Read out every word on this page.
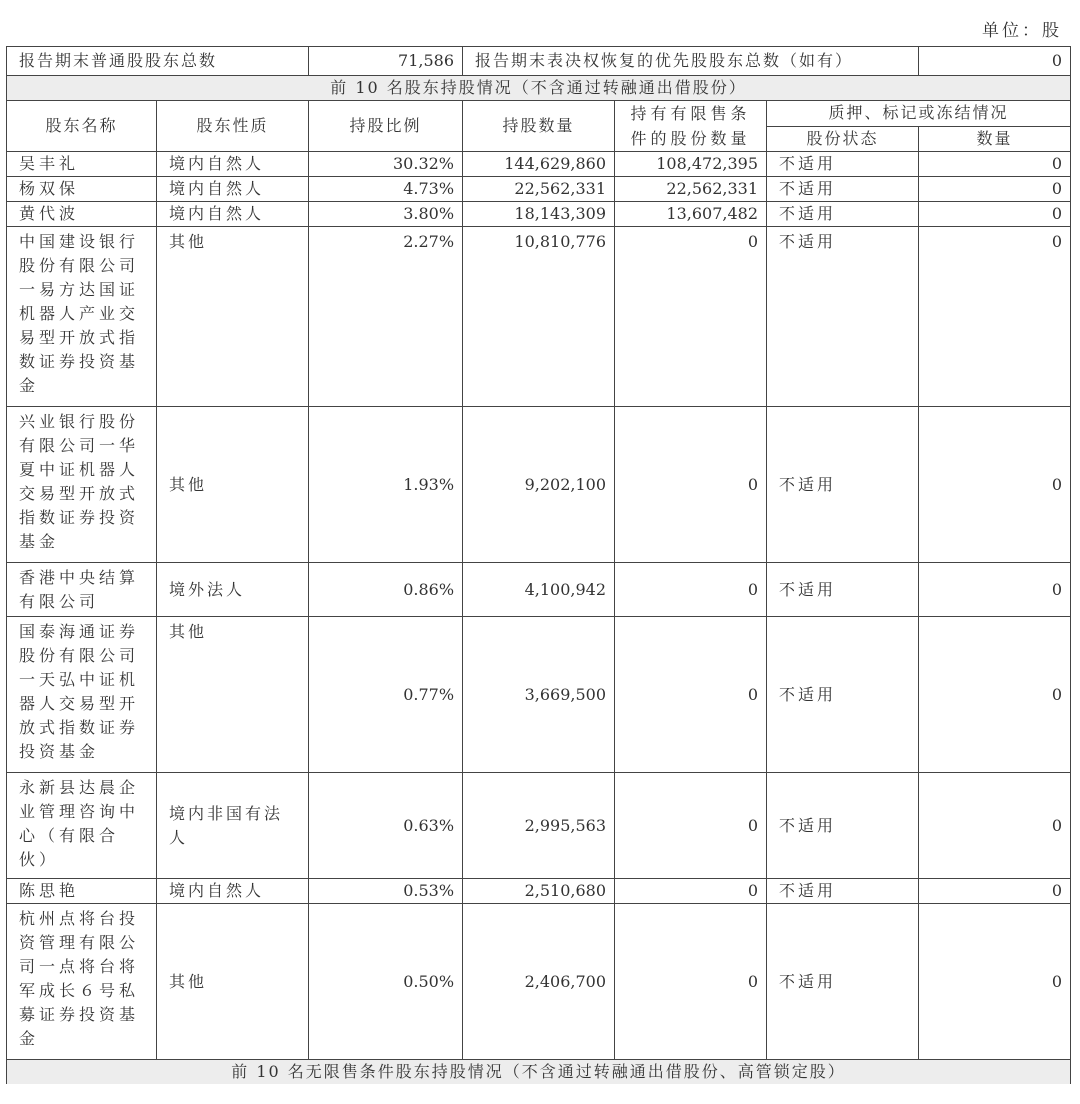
单位：股
报告期末普通股股东总数		71,586	报告期末表决权恢复的优先股股东总数（如有）			0
前 10 名股东持股情况（不含通过转融通出借股份）						
股东名称	股东性质	持股比例	持股数量	持有有限售条件的股份数量	质押、标记或冻结情况	
					股份状态	数量
吴丰礼	境内自然人	30.32%	144,629,860	108,472,395	不适用	0
杨双保	境内自然人	4.73%	22,562,331	22,562,331	不适用	0
黄代波	境内自然人	3.80%	18,143,309	13,607,482	不适用	0
中国建设银行股份有限公司一易方达国证机器人产业交易型开放式指数证券投资基金	其他	2.27%	10,810,776	0	不适用	0
兴业银行股份有限公司一华夏中证机器人交易型开放式指数证券投资基金	其他	1.93%	9,202,100	0	不适用	0
香港中央结算有限公司	境外法人	0.86%	4,100,942	0	不适用	0
国泰海通证券股份有限公司一天弘中证机器人交易型开放式指数证券投资基金	其他	0.77%	3,669,500	0	不适用	0
永新县达晨企业管理咨询中心（有限合伙）	境内非国有法人	0.63%	2,995,563	0	不适用	0
陈思艳	境内自然人	0.53%	2,510,680	0	不适用	0
杭州点将台投资管理有限公司一点将台将军成长６号私募证券投资基金	其他	0.50%	2,406,700	0	不适用	0
前 10 名无限售条件股东持股情况（不含通过转融通出借股份、高管锁定股）						
